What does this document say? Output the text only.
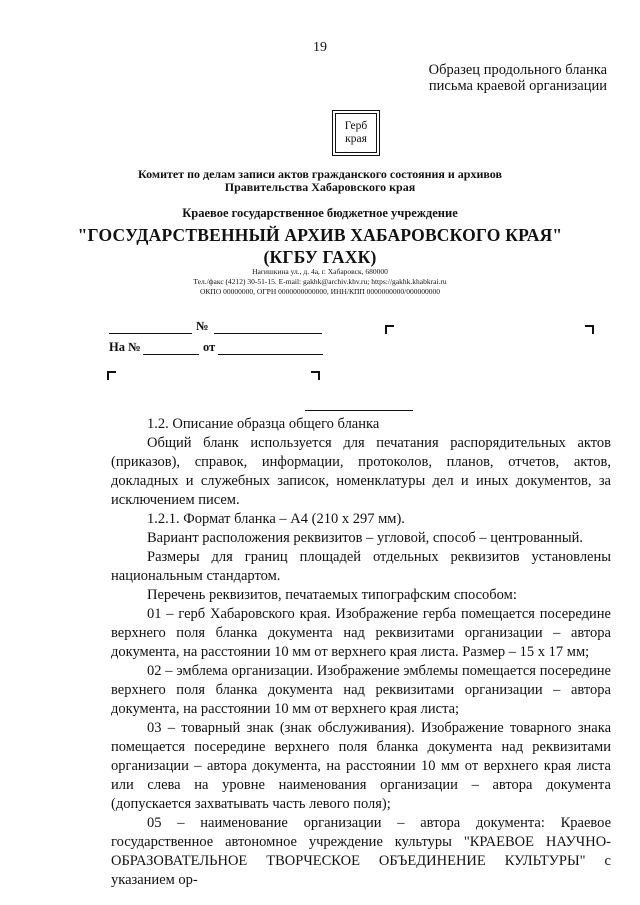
19
Образец продольного бланка
письма краевой организации
Герб
края
Комитет по делам записи актов гражданского состояния и архивов
Правительства Хабаровского края
Краевое государственное бюджетное учреждение
"ГОСУДАРСТВЕННЫЙ АРХИВ ХАБАРОВСКОГО КРАЯ"
(КГБУ ГАХК)
Нагишкина ул., д. 4а, г. Хабаровск, 680000
Тел./факс (4212) 30-51-15. E-mail: gakhk@archiv.khv.ru; https://gakhk.khabkrai.ru
ОКПО 00000000, ОГРН 0000000000000, ИНН/КПП 0000000000/000000000
№
На №	от

1.2. Описание образца общего бланка

Общий бланк используется для печатания распорядительных актов (приказов), справок, информации, протоколов, планов, отчетов, актов, докладных и служебных записок, номенклатуры дел и иных документов, за исключением писем.

1.2.1. Формат бланка – А4 (210 х 297 мм).

Вариант расположения реквизитов – угловой, способ – центрованный.

Размеры для границ площадей отдельных реквизитов установлены национальным стандартом.

Перечень реквизитов, печатаемых типографским способом:

01 – герб Хабаровского края. Изображение герба помещается посередине верхнего поля бланка документа над реквизитами организации – автора документа, на расстоянии 10 мм от верхнего края листа. Размер – 15 х 17 мм;

02 – эмблема организации. Изображение эмблемы помещается посередине верхнего поля бланка документа над реквизитами организации – автора документа, на расстоянии 10 мм от верхнего края листа;

03 – товарный знак (знак обслуживания). Изображение товарного знака помещается посередине верхнего поля бланка документа над реквизитами организации – автора документа, на расстоянии 10 мм от верхнего края листа или слева на уровне наименования организации – автора документа (допускается захватывать часть левого поля);

05 – наименование организации – автора документа: Краевое государственное автономное учреждение культуры "КРАЕВОЕ НАУЧНО-ОБРАЗОВАТЕЛЬНОЕ ТВОРЧЕСКОЕ ОБЪЕДИНЕНИЕ КУЛЬТУРЫ" с указанием ор-
